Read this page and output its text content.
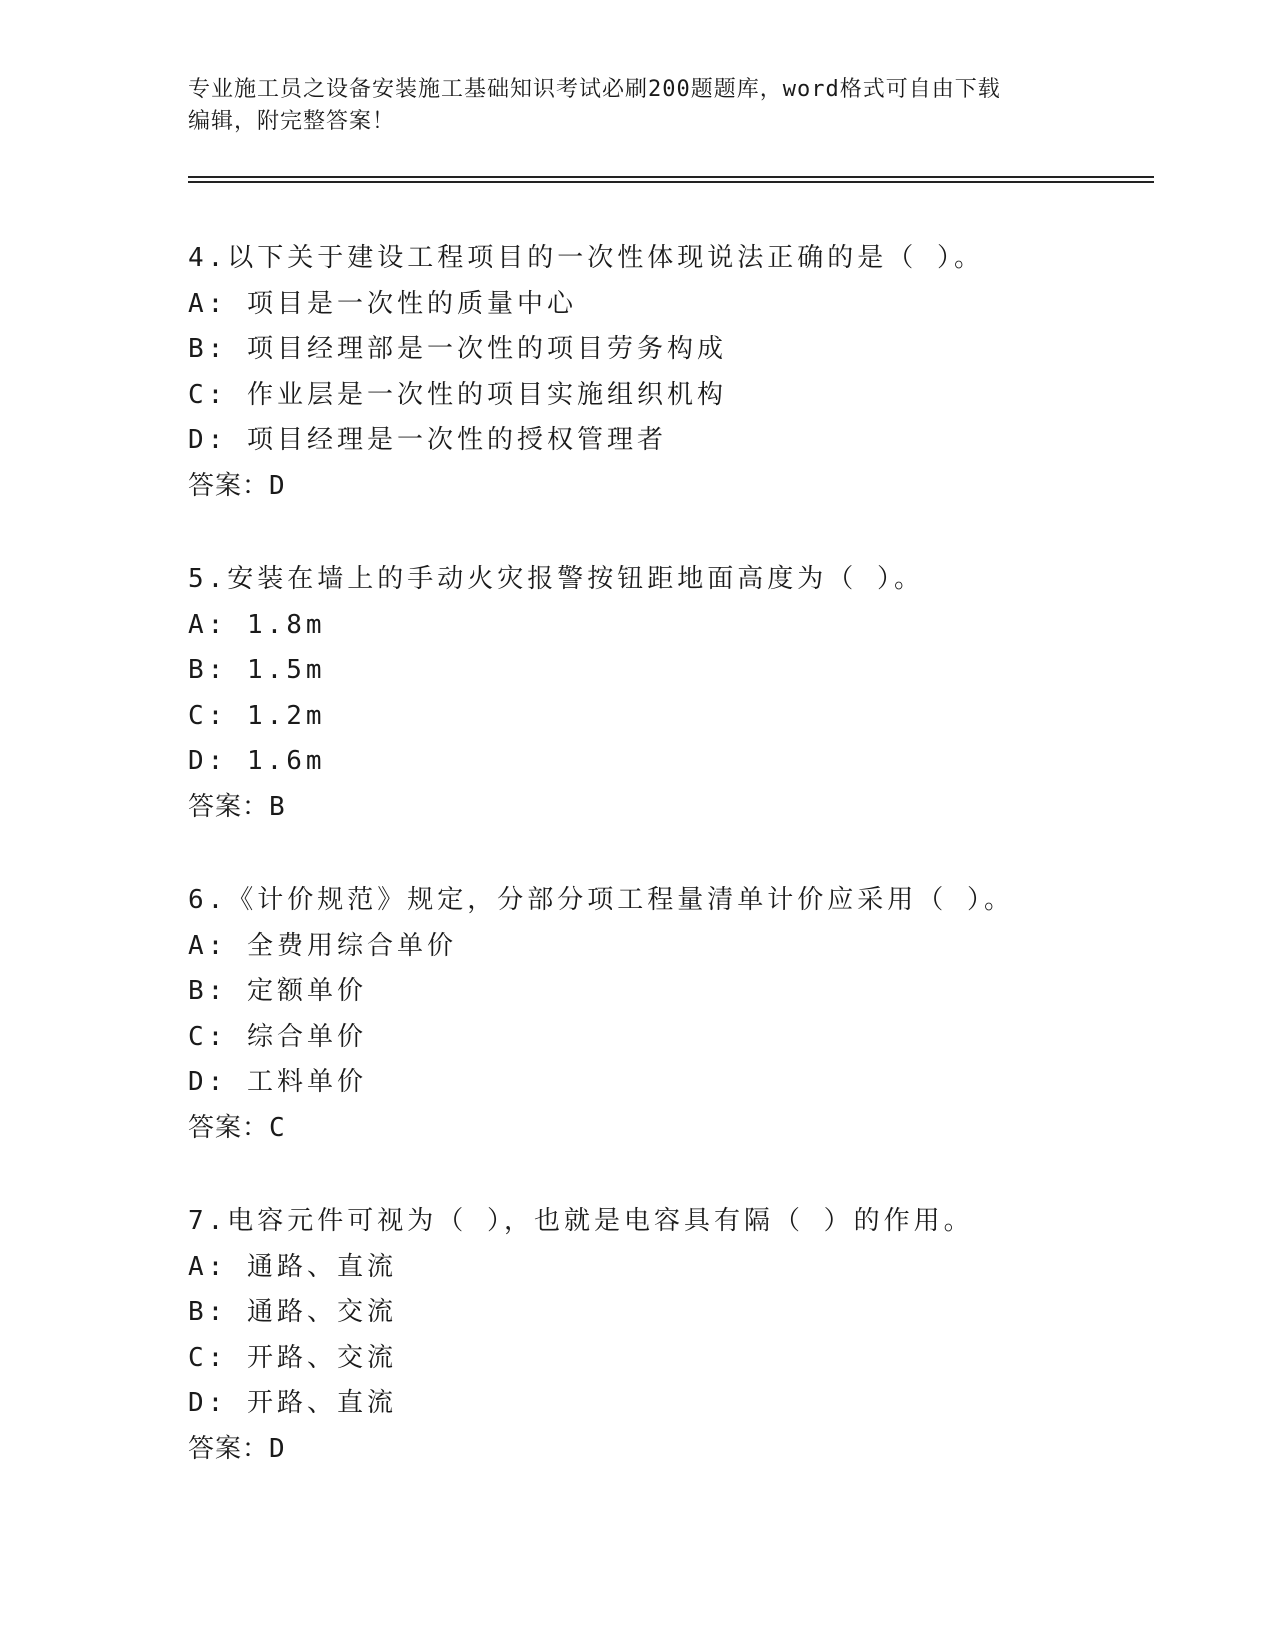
专业施工员之设备安装施工基础知识考试必刷200题题库，word格式可自由下载
编辑，附完整答案！
4.以下关于建设工程项目的一次性体现说法正确的是（ ）。
A: 项目是一次性的质量中心
B: 项目经理部是一次性的项目劳务构成
C: 作业层是一次性的项目实施组织机构
D: 项目经理是一次性的授权管理者
答案：D
5.安装在墙上的手动火灾报警按钮距地面高度为（ ）。
A: 1.8m
B: 1.5m
C: 1.2m
D: 1.6m
答案：B
6.《计价规范》规定，分部分项工程量清单计价应采用（ ）。
A: 全费用综合单价
B: 定额单价
C: 综合单价
D: 工料单价
答案：C
7.电容元件可视为（ ），也就是电容具有隔（ ）的作用。
A: 通路、直流
B: 通路、交流
C: 开路、交流
D: 开路、直流
答案：D
